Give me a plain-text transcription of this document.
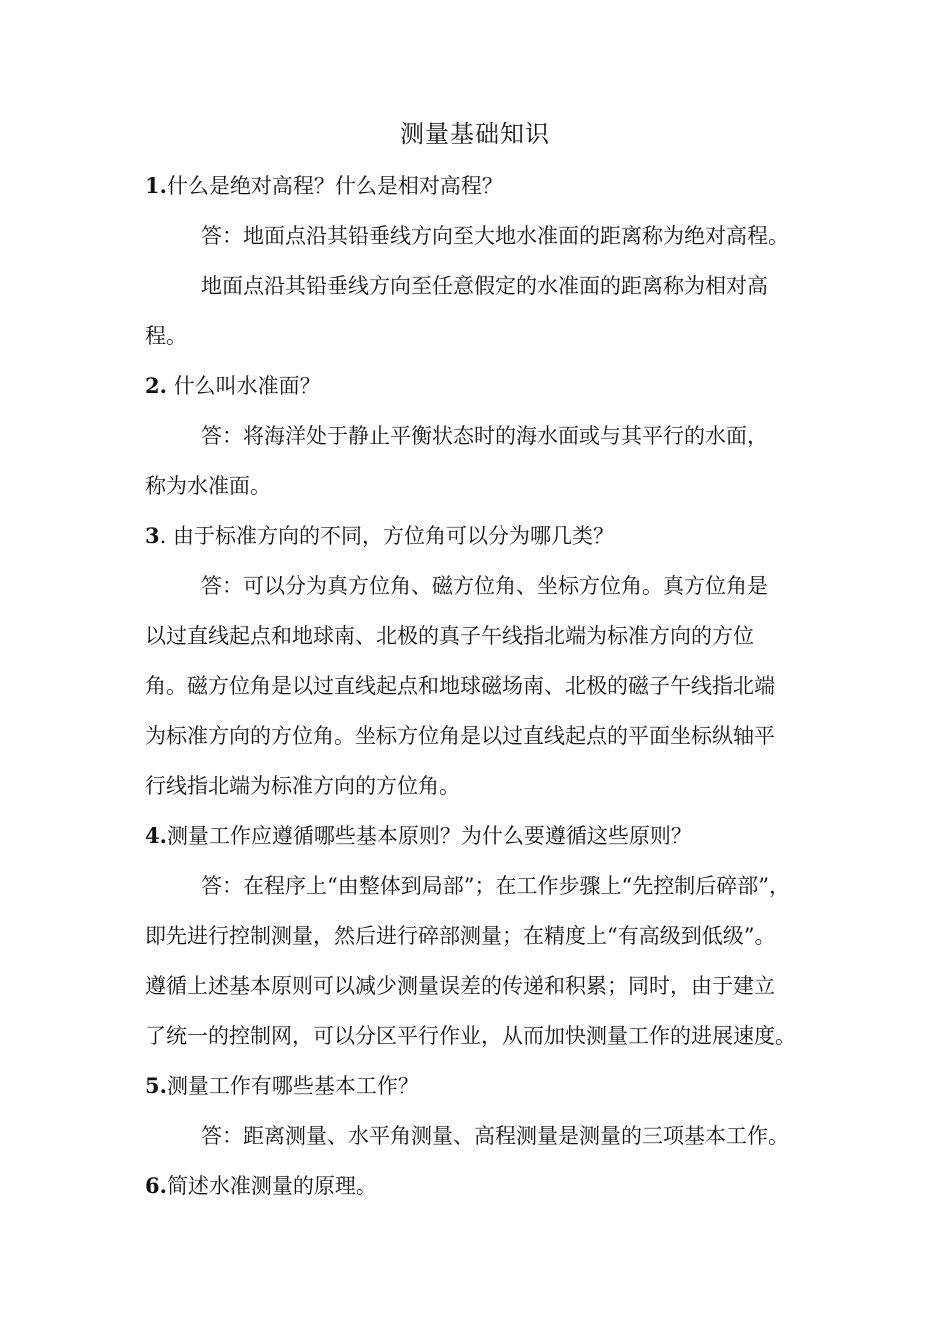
测量基础知识
1.什么是绝对高程？什么是相对高程？
答：地面点沿其铅垂线方向至大地水准面的距离称为绝对高程。
地面点沿其铅垂线方向至任意假定的水准面的距离称为相对高
程。
2. 什么叫水准面？
答：将海洋处于静止平衡状态时的海水面或与其平行的水面，
称为水准面。
3. 由于标准方向的不同，方位角可以分为哪几类？
答：可以分为真方位角、磁方位角、坐标方位角。真方位角是
以过直线起点和地球南、北极的真子午线指北端为标准方向的方位
角。磁方位角是以过直线起点和地球磁场南、北极的磁子午线指北端
为标准方向的方位角。坐标方位角是以过直线起点的平面坐标纵轴平
行线指北端为标准方向的方位角。
4.测量工作应遵循哪些基本原则？为什么要遵循这些原则？
答：在程序上“由整体到局部”；在工作步骤上“先控制后碎部”，
即先进行控制测量，然后进行碎部测量；在精度上“有高级到低级”。
遵循上述基本原则可以减少测量误差的传递和积累；同时，由于建立
了统一的控制网，可以分区平行作业，从而加快测量工作的进展速度。
5.测量工作有哪些基本工作？
答：距离测量、水平角测量、高程测量是测量的三项基本工作。
6.简述水准测量的原理。
